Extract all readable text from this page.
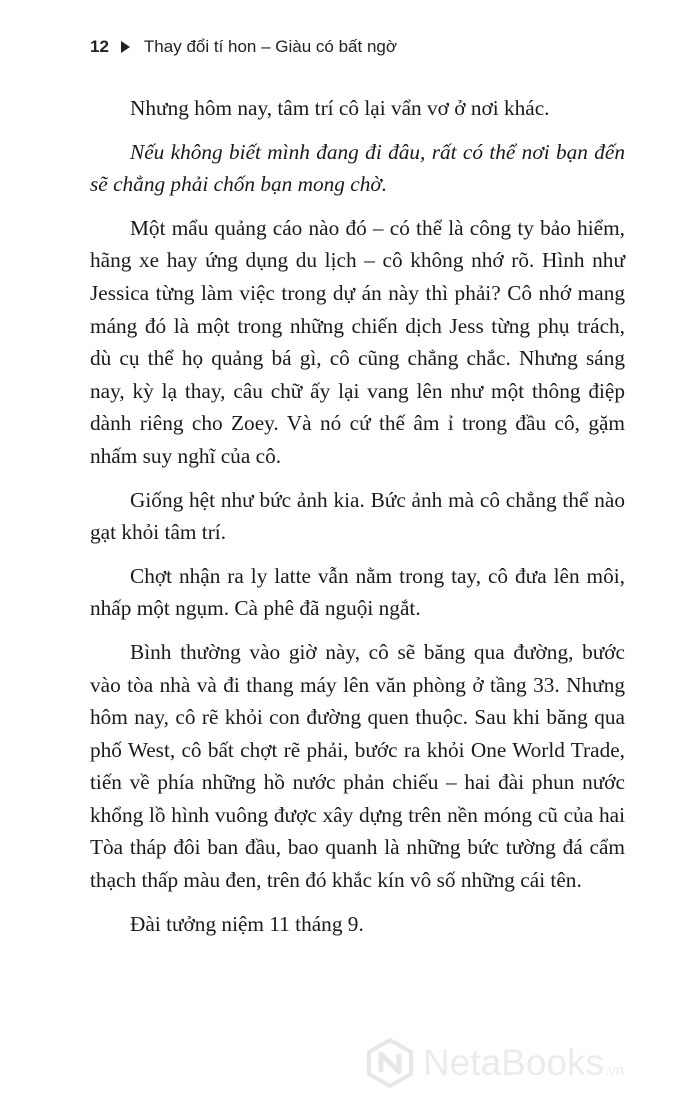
12 Thay đổi tí hon – Giàu có bất ngờ

Nhưng hôm nay, tâm trí cô lại vẩn vơ ở nơi khác.

Nếu không biết mình đang đi đâu, rất có thể nơi bạn đến sẽ chẳng phải chốn bạn mong chờ.

Một mẩu quảng cáo nào đó – có thể là công ty bảo hiểm, hãng xe hay ứng dụng du lịch – cô không nhớ rõ. Hình như Jessica từng làm việc trong dự án này thì phải? Cô nhớ mang máng đó là một trong những chiến dịch Jess từng phụ trách, dù cụ thể họ quảng bá gì, cô cũng chẳng chắc. Nhưng sáng nay, kỳ lạ thay, câu chữ ấy lại vang lên như một thông điệp dành riêng cho Zoey. Và nó cứ thế âm ỉ trong đầu cô, gặm nhấm suy nghĩ của cô.

Giống hệt như bức ảnh kia. Bức ảnh mà cô chẳng thể nào gạt khỏi tâm trí.

Chợt nhận ra ly latte vẫn nằm trong tay, cô đưa lên môi, nhấp một ngụm. Cà phê đã nguội ngắt.

Bình thường vào giờ này, cô sẽ băng qua đường, bước vào tòa nhà và đi thang máy lên văn phòng ở tầng 33. Nhưng hôm nay, cô rẽ khỏi con đường quen thuộc. Sau khi băng qua phố West, cô bất chợt rẽ phải, bước ra khỏi One World Trade, tiến về phía những hồ nước phản chiếu – hai đài phun nước khổng lồ hình vuông được xây dựng trên nền móng cũ của hai Tòa tháp đôi ban đầu, bao quanh là những bức tường đá cẩm thạch thấp màu đen, trên đó khắc kín vô số những cái tên.

Đài tưởng niệm 11 tháng 9.

NetaBooks.vn
